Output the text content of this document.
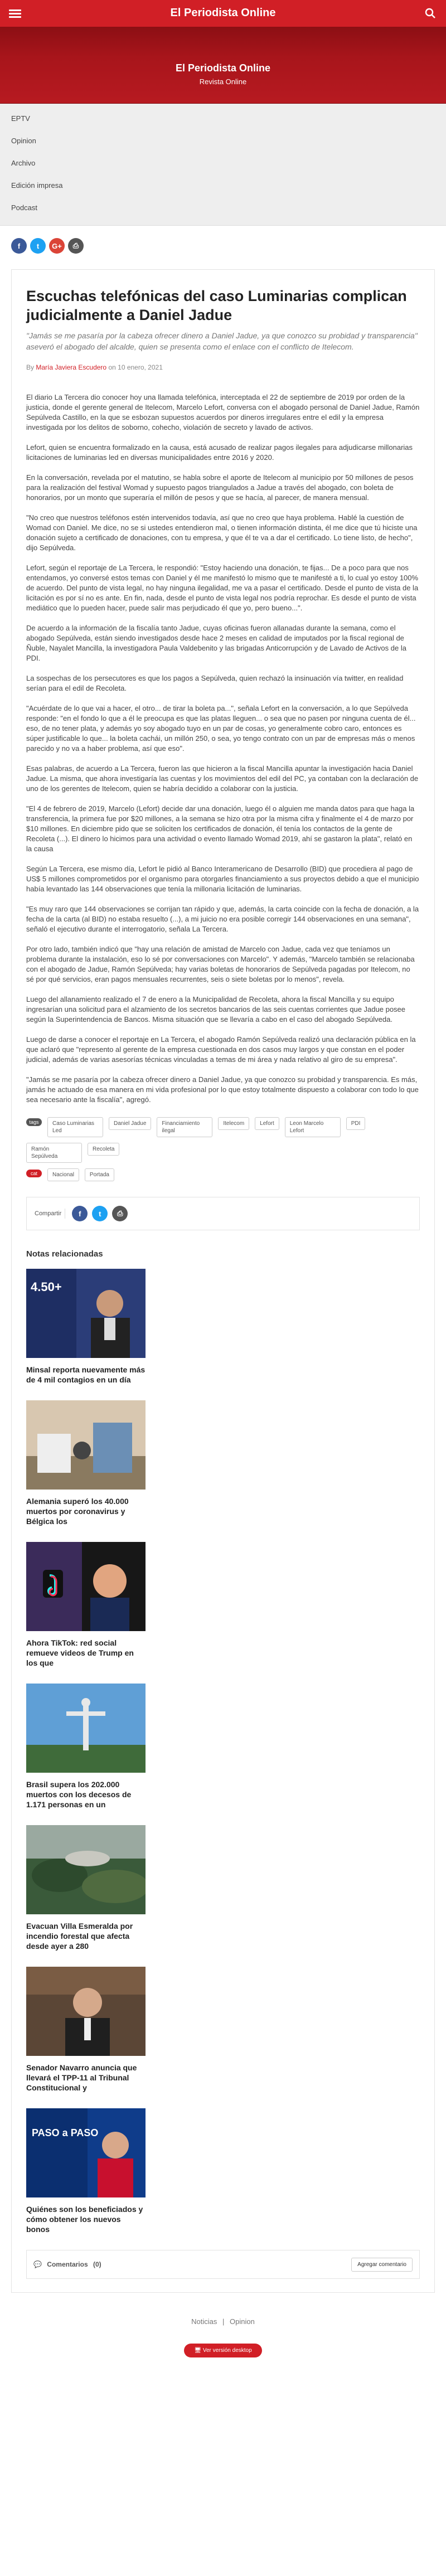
El Periodista Online
El Periodista Online
Revista Online
EPTV
Opinion
Archivo
Edición impresa
Podcast
f	t	G+	⎙
Escuchas telefónicas del caso Luminarias complican judicialmente a Daniel Jadue
"Jamás se me pasaría por la cabeza ofrecer dinero a Daniel Jadue, ya que conozco su probidad y transparencia" aseveró el abogado del alcalde, quien se presenta como el enlace con el conflicto de Itelecom.
By María Javiera Escudero on 10 enero, 2021

El diario La Tercera dio conocer hoy una llamada telefónica, interceptada el 22 de septiembre de 2019 por orden de la justicia, donde el gerente general de Itelecom, Marcelo Lefort, conversa con el abogado personal de Daniel Jadue, Ramón Sepúlveda Castillo, en la que se esbozan supuestos acuerdos por dineros irregulares entre el edil y la empresa investigada por los delitos de soborno, cohecho, violación de secreto y lavado de activos.

Lefort, quien se encuentra formalizado en la causa, está acusado de realizar pagos ilegales para adjudicarse millonarias licitaciones de luminarias led en diversas municipalidades entre 2016 y 2020.

En la conversación, revelada por el matutino, se habla sobre el aporte de Itelecom al municipio por 50 millones de pesos para la realización del festival Womad y supuesto pagos triangulados a Jadue a través del abogado, con boleta de honorarios, por un monto que superaría el millón de pesos y que se hacía, al parecer, de manera mensual.

"No creo que nuestros teléfonos estén intervenidos todavía, así que no creo que haya problema. Hablé la cuestión de Womad con Daniel. Me dice, no se si ustedes entendieron mal, o tienen información distinta, él me dice que tú hiciste una donación sujeto a certificado de donaciones, con tu empresa, y que él te va a dar el certificado. Lo tiene listo, de hecho", dijo Sepúlveda.

Lefort, según el reportaje de La Tercera, le respondió: "Estoy haciendo una donación, te fijas... De a poco para que nos entendamos, yo conversé estos temas con Daniel y él me manifestó lo mismo que te manifesté a ti, lo cual yo estoy 100% de acuerdo. Del punto de vista legal, no hay ninguna ilegalidad, me va a pasar el certificado. Desde el punto de vista de la licitación es por sí no es ante. En fin, nada, desde el punto de vista legal nos podría reprochar. Es desde el punto de vista mediático que lo pueden hacer, puede salir mas perjudicado él que yo, pero bueno...".

De acuerdo a la información de la fiscalía tanto Jadue, cuyas oficinas fueron allanadas durante la semana, como el abogado Sepúlveda, están siendo investigados desde hace 2 meses en calidad de imputados por la fiscal regional de Ñuble, Nayalet Mancilla, la investigadora Paula Valdebenito y las brigadas Anticorrupción y de Lavado de Activos de la PDI.

La sospechas de los persecutores es que los pagos a Sepúlveda, quien rechazó la insinuación vía twitter, en realidad serían para el edil de Recoleta.

"Acuérdate de lo que vai a hacer, el otro... de tirar la boleta pa...", señala Lefort en la conversación, a lo que Sepúlveda responde: "en el fondo lo que a él le preocupa es que las platas lleguen... o sea que no pasen por ninguna cuenta de él... eso, de no tener plata, y además yo soy abogado tuyo en un par de cosas, yo generalmente cobro caro, entonces es súper justificable lo que... la boleta cachái, un millón 250, o sea, yo tengo contrato con un par de empresas más o menos parecido y no va a haber problema, así que eso".

Esas palabras, de acuerdo a La Tercera, fueron las que hicieron a la fiscal Mancilla apuntar la investigación hacia Daniel Jadue. La misma, que ahora investigaría las cuentas y los movimientos del edil del PC, ya contaban con la declaración de uno de los gerentes de Itelecom, quien se habría decidido a colaborar con la justicia.

"El 4 de febrero de 2019, Marcelo (Lefort) decide dar una donación, luego él o alguien me manda datos para que haga la transferencia, la primera fue por $20 millones, a la semana se hizo otra por la misma cifra y finalmente el 4 de marzo por $10 millones. En diciembre pido que se soliciten los certificados de donación, él tenía los contactos de la gente de Recoleta (...). El dinero lo hicimos para una actividad o evento llamado Womad 2019, ahí se gastaron la plata", relató en la causa

Según La Tercera, ese mismo día, Lefort le pidió al Banco Interamericano de Desarrollo (BID) que procediera al pago de US$ 5 millones comprometidos por el organismo para otorgarles financiamiento a sus proyectos debido a que el municipio había levantado las 144 observaciones que tenía la millonaria licitación de luminarias.

"Es muy raro que 144 observaciones se corrijan tan rápido y que, además, la carta coincide con la fecha de donación, a la fecha de la carta (al BID) no estaba resuelto (...), a mi juicio no era posible corregir 144 observaciones en una semana", señaló el ejecutivo durante el interrogatorio, señala La Tercera.

Por otro lado, también indicó que "hay una relación de amistad de Marcelo con Jadue, cada vez que teníamos un problema durante la instalación, eso lo sé por conversaciones con Marcelo". Y además, "Marcelo también se relacionaba con el abogado de Jadue, Ramón Sepúlveda; hay varias boletas de honorarios de Sepúlveda pagadas por Itelecom, no sé por qué servicios, eran pagos mensuales recurrentes, seis o siete boletas por lo menos", revela.

Luego del allanamiento realizado el 7 de enero a la Municipalidad de Recoleta, ahora la fiscal Mancilla y su equipo ingresarían una solicitud para el alzamiento de los secretos bancarios de las seis cuentas corrientes que Jadue posee según la Superintendencia de Bancos. Misma situación que se llevaría a cabo en el caso del abogado Sepúlveda.

Luego de darse a conocer el reportaje en La Tercera, el abogado Ramón Sepúlveda realizó una declaración pública en la que aclaró que "represento al gerente de la empresa cuestionada en dos casos muy largos y que constan en el poder judicial, además de varias asesorías técnicas vinculadas a temas de mi área y nada relativo al giro de su empresa".

"Jamás se me pasaría por la cabeza ofrecer dinero a Daniel Jadue, ya que conozco su probidad y transparencia. Es más, jamás he actuado de esa manera en mi vida profesional por lo que estoy totalmente dispuesto a colaborar con todo lo que sea necesario ante la fiscalía", agregó.

tags	Caso Luminarias Led
Daniel Jadue	Financiamiento ilegal
Itelecom	Lefort	Leon Marcelo Lefort
PDI
Ramón Sepúlveda
Recoleta
cat	Nacional	Portada
Compartir	f	t	⎙
Notas relacionadas
4.50+
Minsal reporta nuevamente más de 4 mil contagios en un día
Alemania superó los 40.000 muertos por coronavirus y Bélgica los
Ahora TikTok: red social remueve videos de Trump en los que
Brasil supera los 202.000 muertos con los decesos de 1.171 personas en un
Evacuan Villa Esmeralda por incendio forestal que afecta desde ayer a 280
Senador Navarro anuncia que llevará el TPP-11 al Tribunal Constitucional y
PASO a PASO
Quiénes son los beneficiados y cómo obtener los nuevos bonos
💬 Comentarios (0)	Agregar comentario
Noticias | Opinion
🖥 Ver versión desktop
